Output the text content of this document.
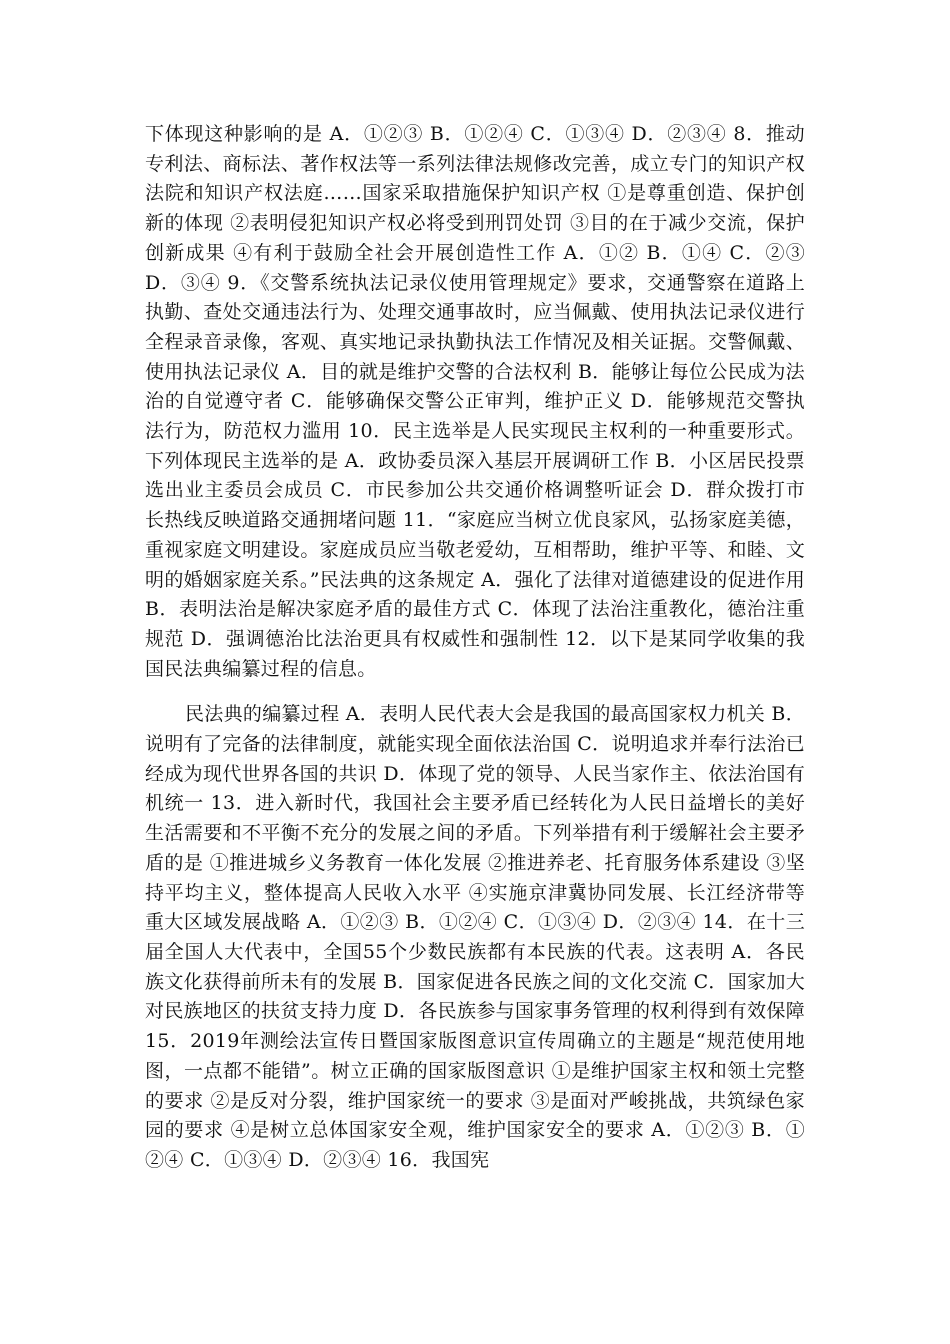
下体现这种影响的是 A．①②③ B．①②④ C．①③④ D．②③④ 8．推动专利法、商标法、著作权法等一系列法律法规修改完善，成立专门的知识产权法院和知识产权法庭……国家采取措施保护知识产权 ①是尊重创造、保护创新的体现 ②表明侵犯知识产权必将受到刑罚处罚 ③目的在于减少交流，保护创新成果 ④有利于鼓励全社会开展创造性工作 A．①② B．①④ C．②③ D．③④ 9．《交警系统执法记录仪使用管理规定》要求，交通警察在道路上执勤、查处交通违法行为、处理交通事故时，应当佩戴、使用执法记录仪进行全程录音录像，客观、真实地记录执勤执法工作情况及相关证据。交警佩戴、使用执法记录仪 A．目的就是维护交警的合法权利 B．能够让每位公民成为法治的自觉遵守者 C．能够确保交警公正审判，维护正义 D．能够规范交警执法行为，防范权力滥用 10．民主选举是人民实现民主权利的一种重要形式。下列体现民主选举的是 A．政协委员深入基层开展调研工作 B．小区居民投票选出业主委员会成员 C．市民参加公共交通价格调整听证会 D．群众拨打市长热线反映道路交通拥堵问题 11．“家庭应当树立优良家风，弘扬家庭美德，重视家庭文明建设。家庭成员应当敬老爱幼，互相帮助，维护平等、和睦、文明的婚姻家庭关系。”民法典的这条规定 A．强化了法律对道德建设的促进作用 B．表明法治是解决家庭矛盾的最佳方式 C．体现了法治注重教化，德治注重规范 D．强调德治比法治更具有权威性和强制性 12．以下是某同学收集的我国民法典编纂过程的信息。

民法典的编纂过程 A．表明人民代表大会是我国的最高国家权力机关 B．说明有了完备的法律制度，就能实现全面依法治国 C．说明追求并奉行法治已经成为现代世界各国的共识 D．体现了党的领导、人民当家作主、依法治国有机统一 13．进入新时代，我国社会主要矛盾已经转化为人民日益增长的美好生活需要和不平衡不充分的发展之间的矛盾。下列举措有利于缓解社会主要矛盾的是 ①推进城乡义务教育一体化发展 ②推进养老、托育服务体系建设 ③坚持平均主义，整体提高人民收入水平 ④实施京津冀协同发展、长江经济带等重大区域发展战略 A．①②③ B．①②④ C．①③④ D．②③④ 14．在十三届全国人大代表中，全国55个少数民族都有本民族的代表。这表明 A．各民族文化获得前所未有的发展 B．国家促进各民族之间的文化交流 C．国家加大对民族地区的扶贫支持力度 D．各民族参与国家事务管理的权利得到有效保障 15．2019年测绘法宣传日暨国家版图意识宣传周确立的主题是“规范使用地图，一点都不能错”。树立正确的国家版图意识 ①是维护国家主权和领土完整的要求 ②是反对分裂，维护国家统一的要求 ③是面对严峻挑战，共筑绿色家园的要求 ④是树立总体国家安全观，维护国家安全的要求 A．①②③ B．①②④ C．①③④ D．②③④ 16．我国宪
